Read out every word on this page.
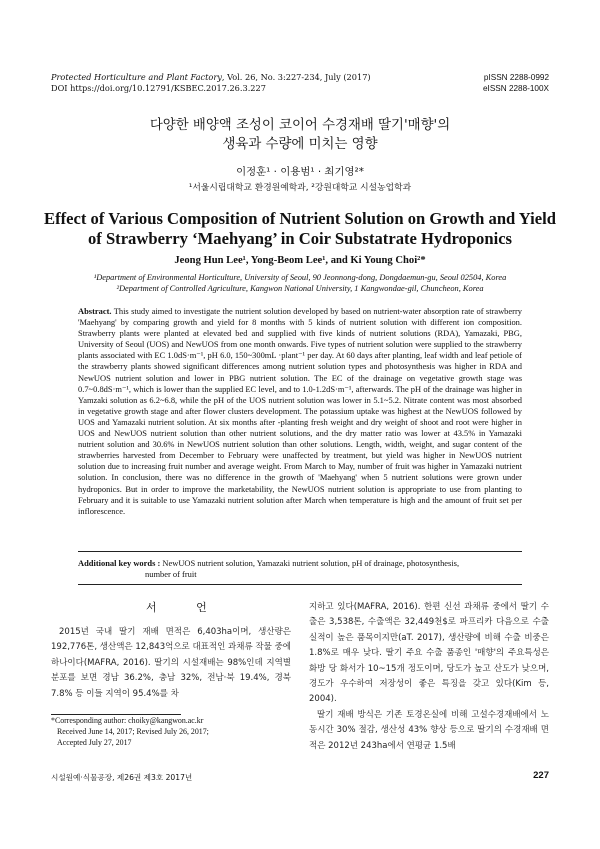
Protected Horticulture and Plant Factory, Vol. 26, No. 3:227-234, July (2017)
DOI https://doi.org/10.12791/KSBEC.2017.26.3.227
pISSN 2288-0992
eISSN 2288-100X
다양한 배양액 조성이 코이어 수경재배 딸기'매향'의
생육과 수량에 미치는 영향
이정훈¹ · 이용범¹ · 최기영²*
¹서울시립대학교 환경원예학과, ²강원대학교 시설농업학과
Effect of Various Composition of Nutrient Solution on Growth and Yield
of Strawberry ‘Maehyang’ in Coir Substatrate Hydroponics
Jeong Hun Lee¹, Yong-Beom Lee¹, and Ki Young Choi²*
¹Department of Environmental Horticulture, University of Seoul, 90 Jeonnong-dong, Dongdaemun-gu, Seoul 02504, Korea
²Department of Controlled Agriculture, Kangwon National University, 1 Kangwondae-gil, Chuncheon, Korea
Abstract. This study aimed to investigate the nutrient solution developed by based on nutrient-water absorption rate of strawberry 'Maehyang' by comparing growth and yield for 8 months with 5 kinds of nutrient solution with different ion composition. Strawberry plants were planted at elevated bed and supplied with five kinds of nutrient solutions (RDA), Yamazaki, PBG, University of Seoul (UOS) and NewUOS from one month onwards. Five types of nutrient solution were supplied to the strawberry plants associated with EC 1.0dS·m⁻¹, pH 6.0, 150~300mL ·plant⁻¹ per day. At 60 days after planting, leaf width and leaf petiole of the strawberry plants showed significant differences among nutrient solution types and photosynthesis was higher in RDA and NewUOS nutrient solution and lower in PBG nutrient solution. The EC of the drainage on vegetative growth stage was 0.7~0.8dS·m⁻¹, which is lower than the supplied EC level, and to 1.0-1.2dS·m⁻¹, afterwards. The pH of the drainage was higher in Yamzaki solution as 6.2~6.8, while the pH of the UOS nutrient solution was lower in 5.1~5.2. Nitrate content was most absorbed in vegetative growth stage and after flower clusters development. The potassium uptake was highest at the NewUOS followed by UOS and Yamazaki nutrient solution. At six months after -planting fresh weight and dry weight of shoot and root were higher in UOS and NewUOS nutrient solution than other nutrient solutions, and the dry matter ratio was lower at 43.5% in Yamazaki nutrient solution and 30.6% in NewUOS nutrient solution than other solutions. Length, width, weight, and sugar content of the strawberries harvested from December to February were unaffected by treatment, but yield was higher in NewUOS nutrient solution due to increasing fruit number and average weight. From March to May, number of fruit was higher in Yamazaki nutrient solution. In conclusion, there was no difference in the growth of 'Maehyang' when 5 nutrient solutions were grown under hydroponics. But in order to improve the marketability, the NewUOS nutrient solution is appropriate to use from planting to February and it is suitable to use Yamazaki nutrient solution after March when temperature is high and the amount of fruit set per inflorescence.
Additional key words : NewUOS nutrient solution, Yamazaki nutrient solution, pH of drainage, photosynthesis,
number of fruit
서 언
2015년 국내 딸기 재배 면적은 6,403ha이며, 생산량은 192,776톤, 생산액은 12,843억으로 대표적인 과채류 작물 중에 하나이다(MAFRA, 2016). 딸기의 시설재배는 98%인데 지역별 분포를 보면 경남 36.2%, 충남 32%, 전남·북 19.4%, 경북 7.8% 등 이들 지역이 95.4%를 차
*Corresponding author: choiky@kangwon.ac.kr
Received June 14, 2017; Revised July 26, 2017;
Accepted July 27, 2017
지하고 있다(MAFRA, 2016). 한편 신선 과채류 중에서 딸기 수출은 3,538톤, 수출액은 32,449천$로 파프리카 다음으로 수출 실적이 높은 품목이지만(aT. 2017), 생산량에 비해 수출 비중은 1.8%로 매우 낮다. 딸기 주요 수출 품종인 '매향'의 주요특성은 화방 당 화서가 10~15개 정도이며, 당도가 높고 산도가 낮으며, 경도가 우수하여 저장성이 좋은 특징을 갖고 있다(Kim 등, 2004).
딸기 재배 방식은 기존 토경온실에 비해 고설수경재배에서 노동시간 30% 절감, 생산성 43% 향상 등으로 딸기의 수경재배 면적은 2012년 243ha에서 연평균 1.5배
시설원예·식물공장, 제26권 제3호 2017년	227
